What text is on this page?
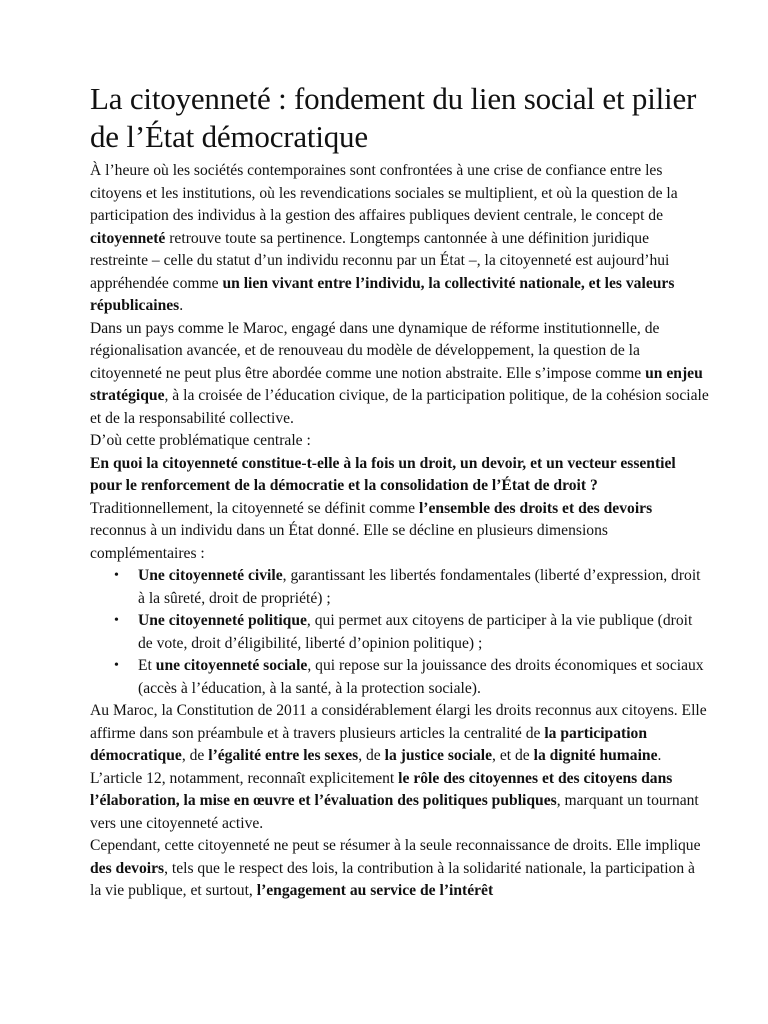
La citoyenneté : fondement du lien social et pilier de l’État démocratique

À l’heure où les sociétés contemporaines sont confrontées à une crise de confiance entre les citoyens et les institutions, où les revendications sociales se multiplient, et où la question de la participation des individus à la gestion des affaires publiques devient centrale, le concept de citoyenneté retrouve toute sa pertinence. Longtemps cantonnée à une définition juridique restreinte – celle du statut d’un individu reconnu par un État –, la citoyenneté est aujourd’hui appréhendée comme un lien vivant entre l’individu, la collectivité nationale, et les valeurs républicaines.

Dans un pays comme le Maroc, engagé dans une dynamique de réforme institutionnelle, de régionalisation avancée, et de renouveau du modèle de développement, la question de la citoyenneté ne peut plus être abordée comme une notion abstraite. Elle s’impose comme un enjeu stratégique, à la croisée de l’éducation civique, de la participation politique, de la cohésion sociale et de la responsabilité collective.

D’où cette problématique centrale :

En quoi la citoyenneté constitue-t-elle à la fois un droit, un devoir, et un vecteur essentiel pour le renforcement de la démocratie et la consolidation de l’État de droit ?

Traditionnellement, la citoyenneté se définit comme l’ensemble des droits et des devoirs reconnus à un individu dans un État donné. Elle se décline en plusieurs dimensions complémentaires :

• Une citoyenneté civile, garantissant les libertés fondamentales (liberté d’expression, droit à la sûreté, droit de propriété) ;
• Une citoyenneté politique, qui permet aux citoyens de participer à la vie publique (droit de vote, droit d’éligibilité, liberté d’opinion politique) ;
• Et une citoyenneté sociale, qui repose sur la jouissance des droits économiques et sociaux (accès à l’éducation, à la santé, à la protection sociale).

Au Maroc, la Constitution de 2011 a considérablement élargi les droits reconnus aux citoyens. Elle affirme dans son préambule et à travers plusieurs articles la centralité de la participation démocratique, de l’égalité entre les sexes, de la justice sociale, et de la dignité humaine. L’article 12, notamment, reconnaît explicitement le rôle des citoyennes et des citoyens dans l’élaboration, la mise en œuvre et l’évaluation des politiques publiques, marquant un tournant vers une citoyenneté active.

Cependant, cette citoyenneté ne peut se résumer à la seule reconnaissance de droits. Elle implique des devoirs, tels que le respect des lois, la contribution à la solidarité nationale, la participation à la vie publique, et surtout, l’engagement au service de l’intérêt
